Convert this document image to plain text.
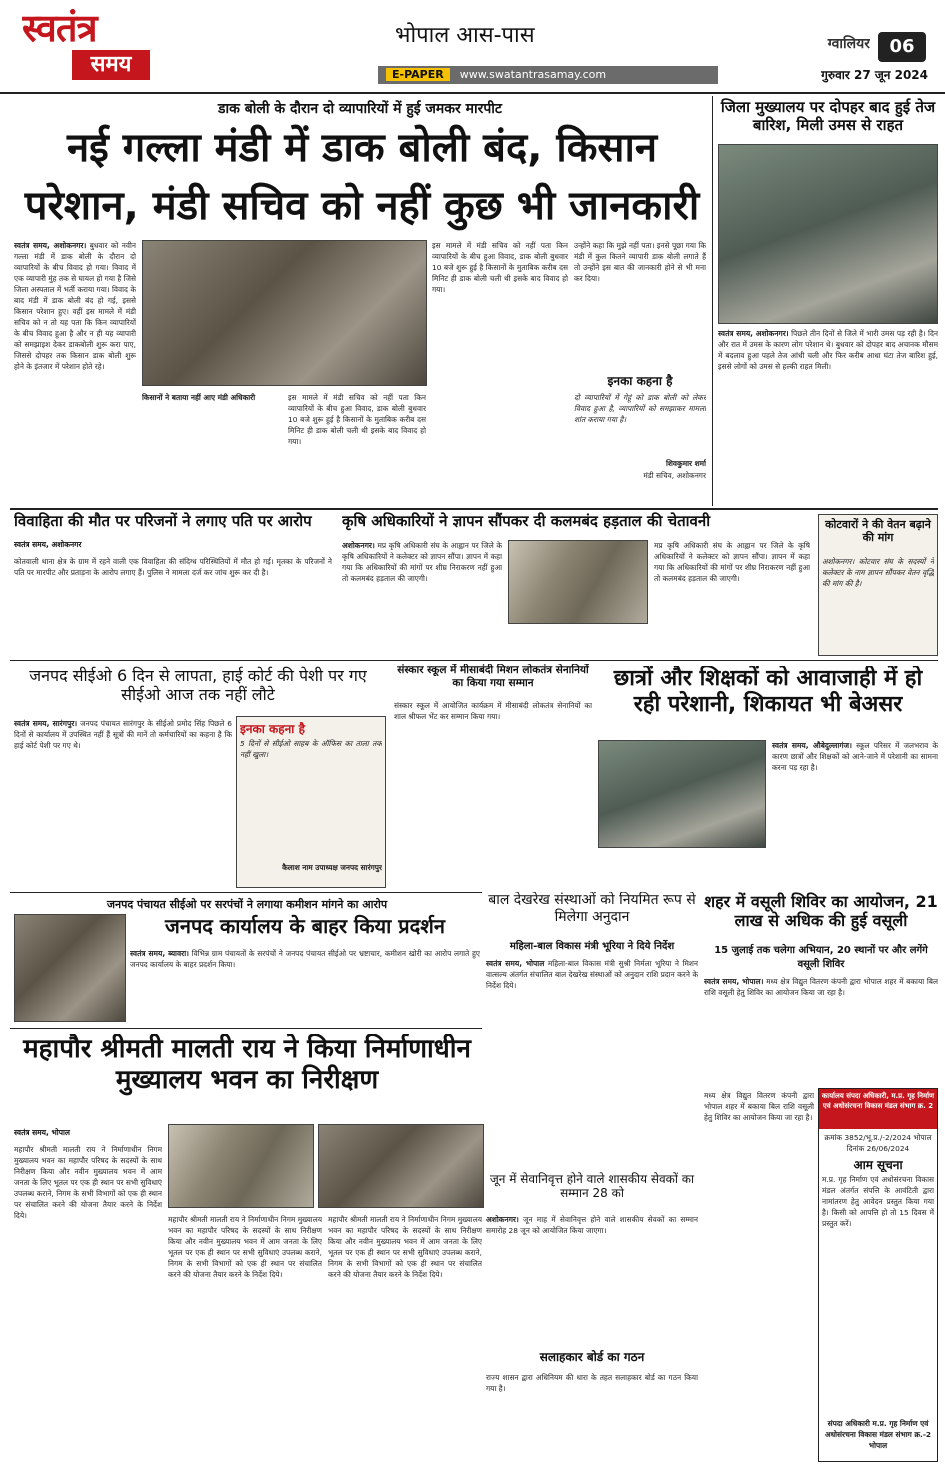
स्वतंत्र
समय
भोपाल आस-पास	ग्वालियर	06
E-PAPER www.swatantrasamay.com	गुरुवार 27 जून 2024
डाक बोली के दौरान दो व्यापारियों में हुई जमकर मारपीट
नई गल्ला मंडी में डाक बोली बंद, किसान
परेशान, मंडी सचिव को नहीं कुछ भी जानकारी
स्वतंत्र समय, अशोकनगर। बुधवार को नवीन गल्ला मंडी में डाक बोली के दौरान दो व्यापारियों के बीच विवाद हो गया। विवाद में एक व्यापारी मुंह तक से घायल हो गया है जिसे जिला अस्पताल में भर्ती कराया गया। विवाद के बाद मंडी में डाक बोली बंद हो गई, इससे किसान परेशान हुए। वहीं इस मामले में मंडी सचिव को न तो यह पता कि किन व्यापारियों के बीच विवाद हुआ है और न ही यह व्यापारी को समझाइश देकर डाकबोली शुरू करा पाए, जिससे दोपहर तक किसान डाक बोली शुरू होने के इंतजार में परेशान होते रहे।
किसानों ने बताया नहीं आए मंडी अधिकारी	इस मामले में मंडी सचिव को नहीं पता किन व्यापारियों के बीच हुआ विवाद, डाक बोली बुधवार 10 बजे शुरू हुई है किसानों के मुताबिक करीब दस मिनिट ही डाक बोली चली थी इसके बाद विवाद हो गया।
इस मामले में मंडी सचिव को नहीं पता किन व्यापारियों के बीच हुआ विवाद, डाक बोली बुधवार 10 बजे शुरू हुई है किसानों के मुताबिक करीब दस मिनिट ही डाक बोली चली थी इसके बाद विवाद हो गया।
उन्होंने कहा कि मुझे नहीं पता। इनसे पूछा गया कि मंडी में कुल कितने व्यापारी डाक बोली लगाते हैं तो उन्होंने इस बात की जानकारी होने से भी मना कर दिया।
इनका कहना है
दो व्यापारियों में गेहूं को डाक बोली को लेकर विवाद हुआ है, व्यापारियों को समझाकर मामला शांत कराया गया है।
शिवकुमार शर्मा
मंडी सचिव, अशोकनगर
जिला मुख्यालय पर दोपहर बाद हुई तेज बारिश, मिली उमस से राहत
स्वतंत्र समय, अशोकनगर। पिछले तीन दिनों से जिले में भारी उमस पड़ रही है। दिन और रात में उमस के कारण लोग परेशान थे। बुधवार को दोपहर बाद अचानक मौसम में बदलाव हुआ पहले तेज आंधी चली और फिर करीब आधा घंटा तेज बारिश हुई, इससे लोगों को उमस से हल्की राहत मिली।
विवाहिता की मौत पर परिजनों ने लगाए पति पर आरोप
स्वतंत्र समय, अशोकनगर
कोतवाली थाना क्षेत्र के ग्राम में रहने वाली एक विवाहिता की संदिग्ध परिस्थितियों में मौत हो गई। मृतका के परिजनों ने पति पर मारपीट और प्रताड़ना के आरोप लगाए हैं। पुलिस ने मामला दर्ज कर जांच शुरू कर दी है।
कृषि अधिकारियों ने ज्ञापन सौंपकर दी कलमबंद हड़ताल की चेतावनी
अशोकनगर। मप्र कृषि अधिकारी संघ के आह्वान पर जिले के कृषि अधिकारियों ने कलेक्टर को ज्ञापन सौंपा। ज्ञापन में कहा गया कि अधिकारियों की मांगों पर शीघ्र निराकरण नहीं हुआ तो कलमबंद हड़ताल की जाएगी।
मप्र कृषि अधिकारी संघ के आह्वान पर जिले के कृषि अधिकारियों ने कलेक्टर को ज्ञापन सौंपा। ज्ञापन में कहा गया कि अधिकारियों की मांगों पर शीघ्र निराकरण नहीं हुआ तो कलमबंद हड़ताल की जाएगी।
कोटवारों ने की वेतन बढ़ाने की मांग
अशोकनगर। कोटवार संघ के सदस्यों ने कलेक्टर के नाम ज्ञापन सौंपकर वेतन वृद्धि की मांग की है।
जनपद सीईओ 6 दिन से लापता, हाई कोर्ट की पेशी पर गए सीईओ आज तक नहीं लौटे
स्वतंत्र समय, सारंगपुर। जनपद पंचायत सारंगपुर के सीईओ प्रमोद सिंह पिछले 6 दिनों से कार्यालय में उपस्थित नहीं हैं सूत्रों की मानें तो कर्मचारियों का कहना है कि हाई कोर्ट पेशी पर गए थे।
इनका कहना है
5 दिनों से सीईओ साहब के ऑफिस का ताला तक नहीं खुला।
कैलाश नाम उपाध्यक्ष जनपद सारंगपुर
संस्कार स्कूल में मीसाबंदी मिशन लोकतंत्र सेनानियों का किया गया सम्मान
संस्कार स्कूल में आयोजित कार्यक्रम में मीसाबंदी लोकतंत्र सेनानियों का शाल श्रीफल भेंट कर सम्मान किया गया।
छात्रों और शिक्षकों को आवाजाही में हो रही परेशानी, शिकायत भी बेअसर
स्वतंत्र समय, औबेदुल्लागंज। स्कूल परिसर में जलभराव के कारण छात्रों और शिक्षकों को आने-जाने में परेशानी का सामना करना पड़ रहा है।
जनपद पंचायत सीईओ पर सरपंचों ने लगाया कमीशन मांगने का आरोप
जनपद कार्यालय के बाहर किया प्रदर्शन
स्वतंत्र समय, ब्यावरा। विभिन्न ग्राम पंचायतों के सरपंचों ने जनपद पंचायत सीईओ पर भ्रष्टाचार, कमीशन खोरी का आरोप लगाते हुए जनपद कार्यालय के बाहर प्रदर्शन किया।
बाल देखरेख संस्थाओं को नियमित रूप से मिलेगा अनुदान
महिला-बाल विकास मंत्री भूरिया ने दिये निर्देश
स्वतंत्र समय, भोपाल महिला-बाल विकास मंत्री सुश्री निर्मला भूरिया ने मिशन वात्सल्य अंतर्गत संचालित बाल देखरेख संस्थाओं को अनुदान राशि प्रदान करने के निर्देश दिये।
शहर में वसूली शिविर का आयोजन, 21 लाख से अधिक की हुई वसूली
15 जुलाई तक चलेगा अभियान, 20 स्थानों पर और लगेंगे वसूली शिविर
स्वतंत्र समय, भोपाल। मध्य क्षेत्र विद्युत वितरण कंपनी द्वारा भोपाल शहर में बकाया बिल राशि वसूली हेतु शिविर का आयोजन किया जा रहा है।
महापौर श्रीमती मालती राय ने किया निर्माणाधीन मुख्यालय भवन का निरीक्षण
स्वतंत्र समय, भोपाल
महापौर श्रीमती मालती राय ने निर्माणाधीन निगम मुख्यालय भवन का महापौर परिषद के सदस्यों के साथ निरीक्षण किया और नवीन मुख्यालय भवन में आम जनता के लिए भूतल पर एक ही स्थान पर सभी सुविधाएं उपलब्ध कराने, निगम के सभी विभागों को एक ही स्थान पर संचालित करने की योजना तैयार करने के निर्देश दिये।	महापौर श्रीमती मालती राय ने निर्माणाधीन निगम मुख्यालय भवन का महापौर परिषद के सदस्यों के साथ निरीक्षण किया और नवीन मुख्यालय भवन में आम जनता के लिए भूतल पर एक ही स्थान पर सभी सुविधाएं उपलब्ध कराने, निगम के सभी विभागों को एक ही स्थान पर संचालित करने की योजना तैयार करने के निर्देश दिये।
महापौर श्रीमती मालती राय ने निर्माणाधीन निगम मुख्यालय भवन का महापौर परिषद के सदस्यों के साथ निरीक्षण किया और नवीन मुख्यालय भवन में आम जनता के लिए भूतल पर एक ही स्थान पर सभी सुविधाएं उपलब्ध कराने, निगम के सभी विभागों को एक ही स्थान पर संचालित करने की योजना तैयार करने के निर्देश दिये।
जून में सेवानिवृत्त होने वाले शासकीय सेवकों का सम्मान 28 को
अशोकनगर। जून माह में सेवानिवृत्त होने वाले शासकीय सेवकों का सम्मान समारोह 28 जून को आयोजित किया जाएगा।
सलाहकार बोर्ड का गठन
राज्य शासन द्वारा अधिनियम की धारा के तहत सलाहकार बोर्ड का गठन किया गया है।
कार्यालय संपदा अधिकारी, म.प्र. गृह निर्माण एवं अधोसंरचना विकास मंडल संभाग क्र. 2
क्रमांक 3852/भू.प्र./-2/2024 भोपाल दिनांक 26/06/2024
आम सूचना
म.प्र. गृह निर्माण एवं अधोसंरचना विकास मंडल अंतर्गत संपत्ति के आवंटिती द्वारा नामांतरण हेतु आवेदन प्रस्तुत किया गया है। किसी को आपत्ति हो तो 15 दिवस में प्रस्तुत करें।
संपदा अधिकारी म.प्र. गृह निर्माण एवं अधोसंरचना विकास मंडल संभाग क्र.-2 भोपाल
मध्य क्षेत्र विद्युत वितरण कंपनी द्वारा भोपाल शहर में बकाया बिल राशि वसूली हेतु शिविर का आयोजन किया जा रहा है।
